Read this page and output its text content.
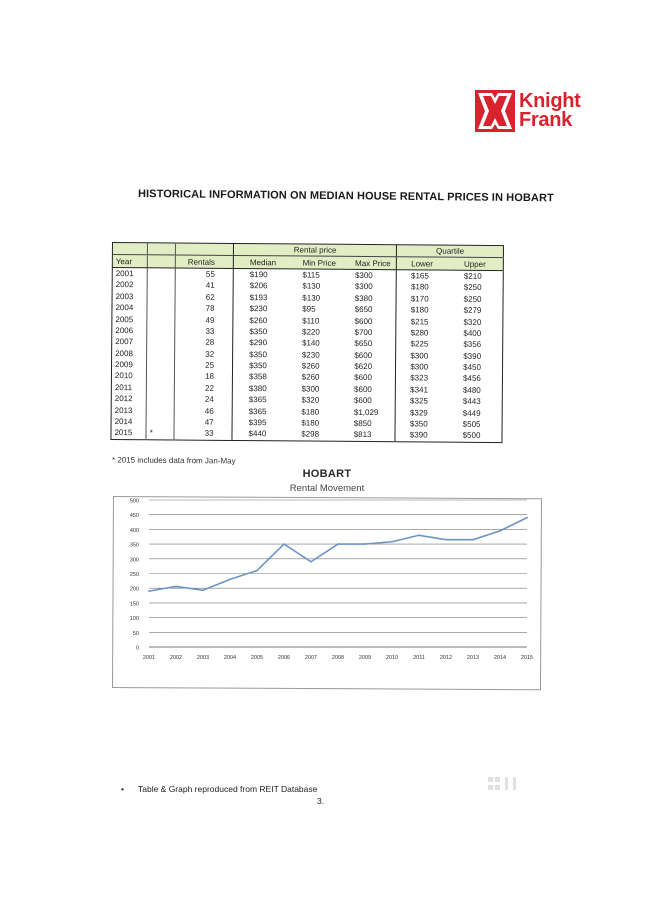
Knight
Frank
HISTORICAL INFORMATION ON MEDIAN HOUSE RENTAL PRICES IN HOBART
			Rental price			Quartile	
Year		Rentals	Median	Min Price	Max Price	Lower	Upper
2001		55	$190	$115	$300	$165	$210
2002		41	$206	$130	$300	$180	$250
2003		62	$193	$130	$380	$170	$250
2004		78	$230	$95	$650	$180	$279
2005		49	$260	$110	$600	$215	$320
2006		33	$350	$220	$700	$280	$400
2007		28	$290	$140	$650	$225	$356
2008		32	$350	$230	$600	$300	$390
2009		25	$350	$260	$620	$300	$450
2010		18	$358	$260	$600	$323	$456
2011		22	$380	$300	$600	$341	$480
2012		24	$365	$320	$600	$325	$443
2013		46	$365	$180	$1,029	$329	$449
2014		47	$395	$180	$850	$350	$505
2015	*	33	$440	$298	$813	$390	$500
* 2015 includes data from Jan-May
HOBART
Rental Movement
0
50
100
150
200
250
300
350
400
450
500
2001	2002	2003	2004	2005	2006	2007	2008	2009	2010	2011	2012	2013	2014	2015
• Table & Graph reproduced from REIT Database
3.
